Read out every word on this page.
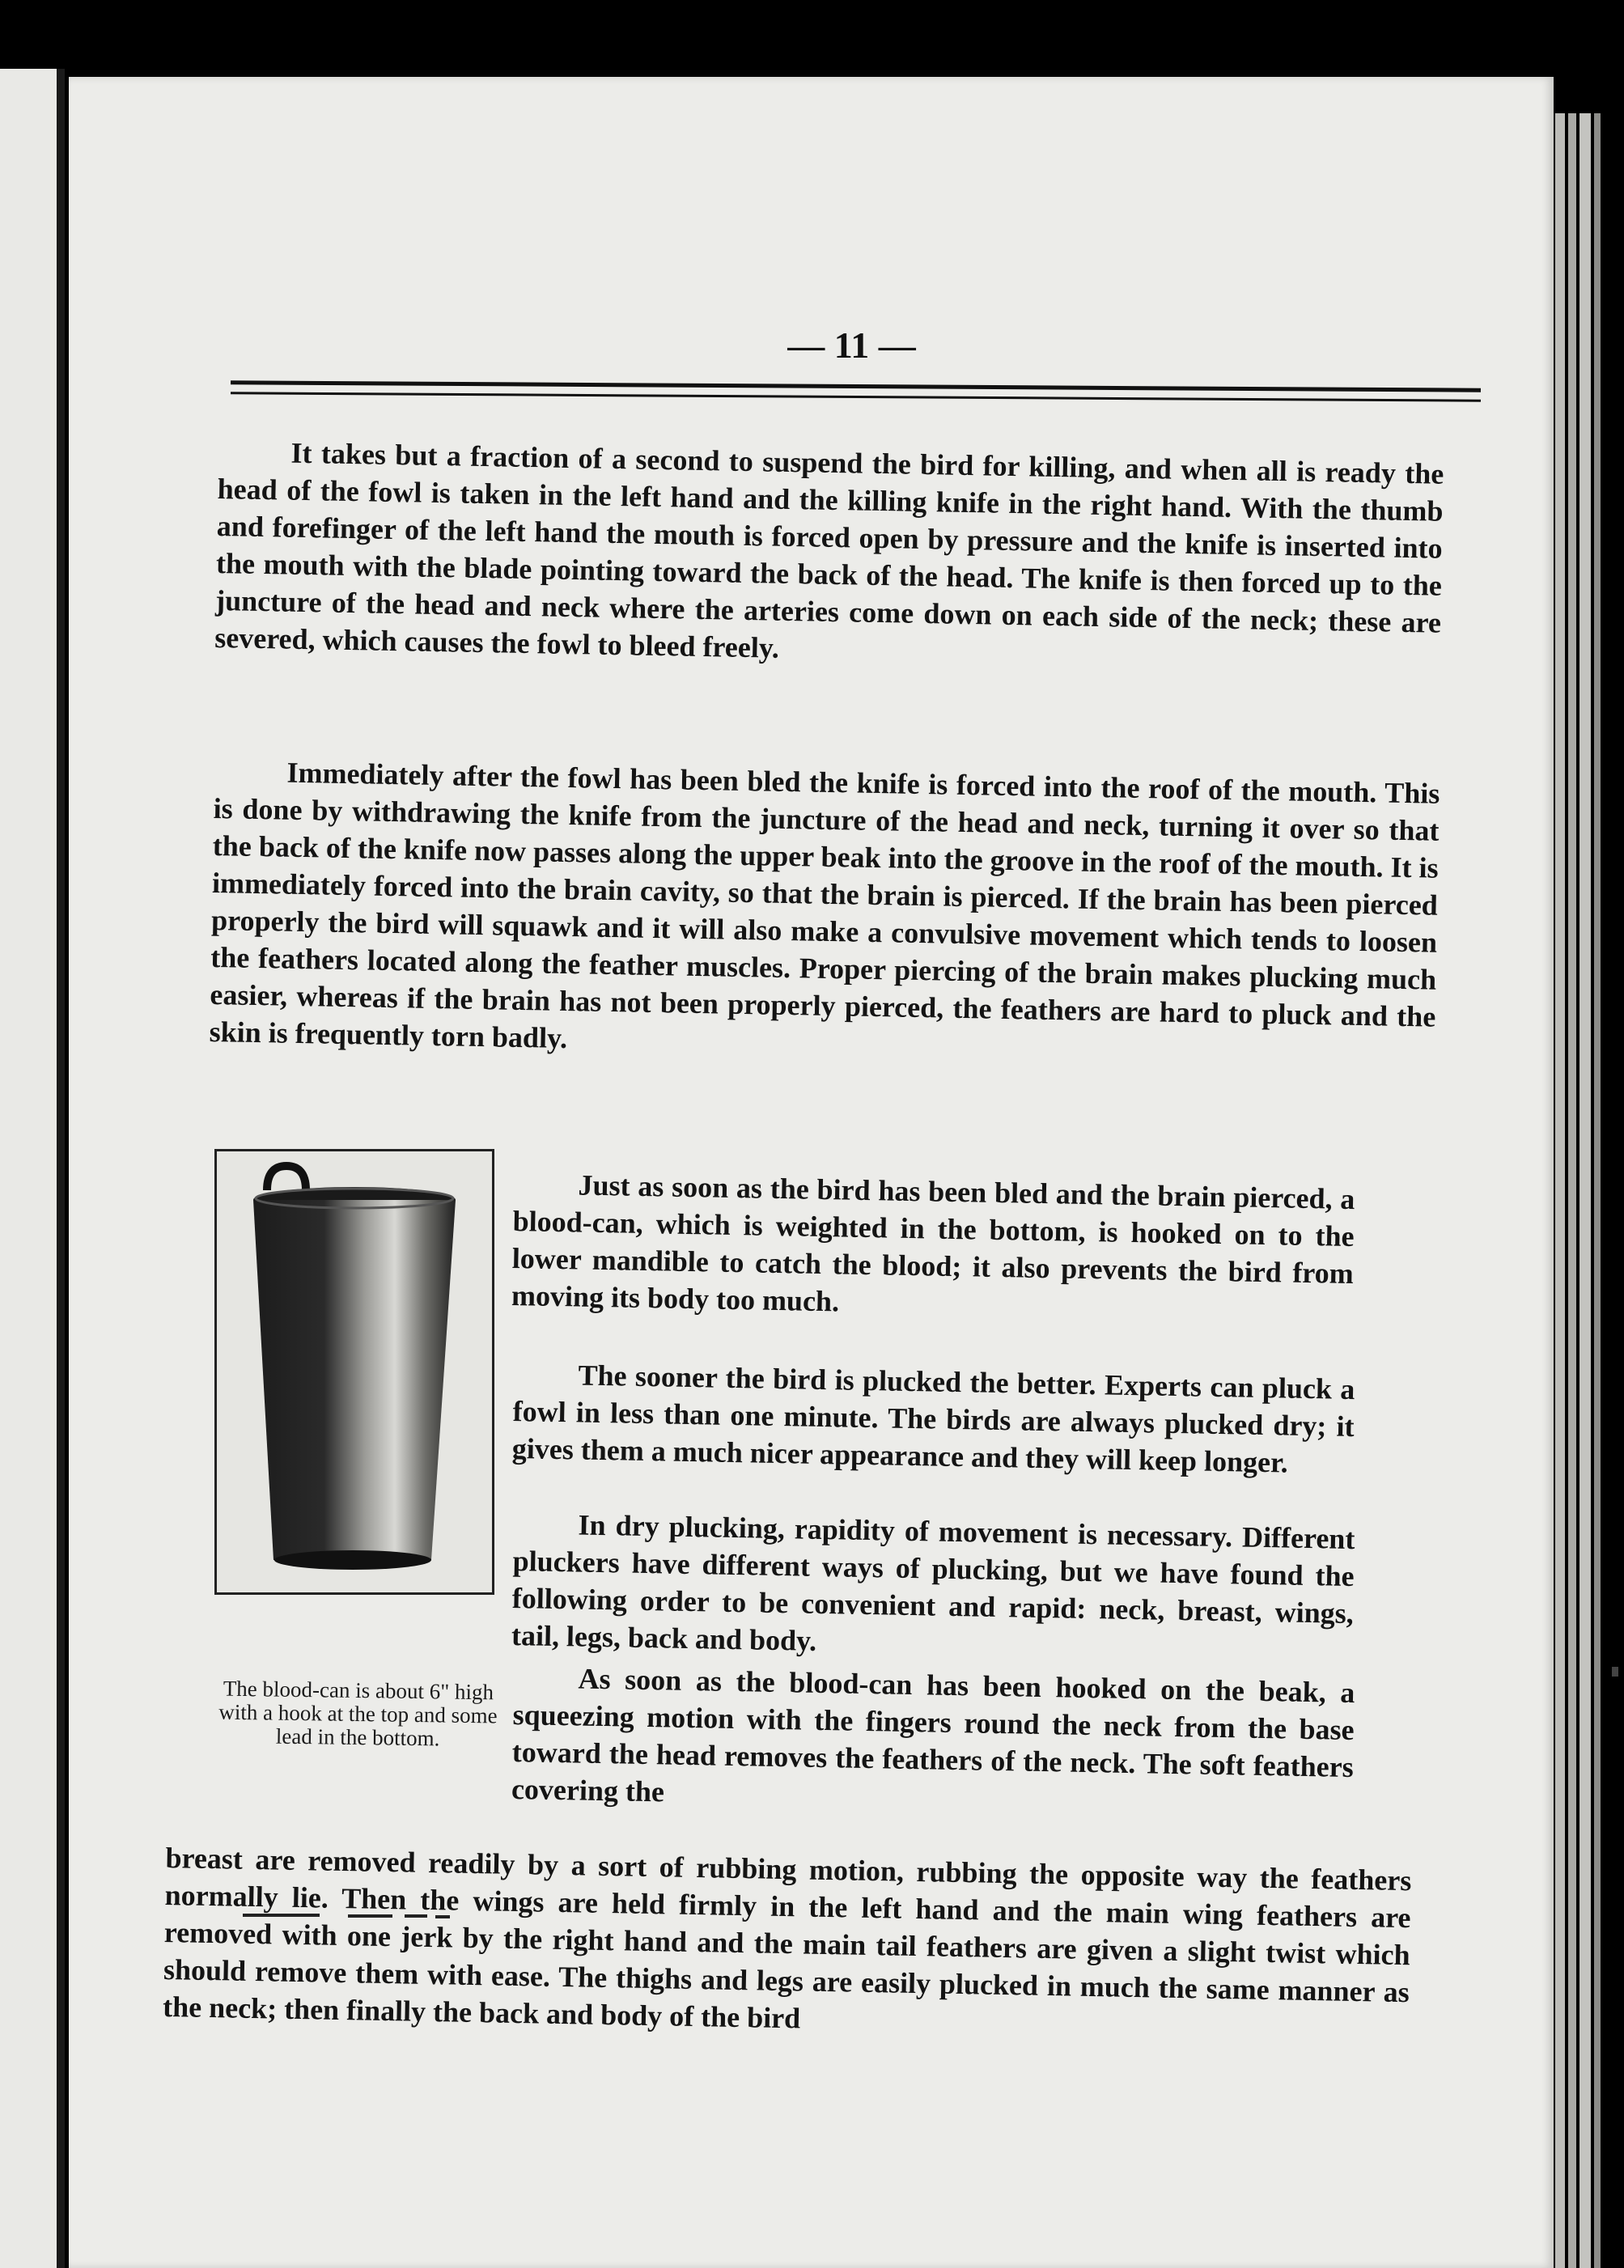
— 11 —
It takes but a fraction of a second to suspend the bird for killing, and when all is ready the head of the fowl is taken in the left hand and the killing knife in the right hand. With the thumb and forefinger of the left hand the mouth is forced open by pressure and the knife is inserted into the mouth with the blade pointing toward the back of the head. The knife is then forced up to the juncture of the head and neck where the arteries come down on each side of the neck; these are severed, which causes the fowl to bleed freely.
Immediately after the fowl has been bled the knife is forced into the roof of the mouth. This is done by withdrawing the knife from the juncture of the head and neck, turning it over so that the back of the knife now passes along the upper beak into the groove in the roof of the mouth. It is immediately forced into the brain cavity, so that the brain is pierced. If the brain has been pierced properly the bird will squawk and it will also make a convulsive movement which tends to loosen the feathers located along the feather muscles. Proper piercing of the brain makes plucking much easier, whereas if the brain has not been properly pierced, the feathers are hard to pluck and the skin is frequently torn badly.
The blood-can is about 6" high with a hook at the top and some lead in the bottom.
Just as soon as the bird has been bled and the brain pierced, a blood-can, which is weighted in the bottom, is hooked on to the lower mandible to catch the blood; it also prevents the bird from moving its body too much.
The sooner the bird is plucked the better. Experts can pluck a fowl in less than one minute. The birds are always plucked dry; it gives them a much nicer appearance and they will keep longer.
In dry plucking, rapidity of movement is necessary. Different pluckers have different ways of plucking, but we have found the following order to be convenient and rapid: neck, breast, wings, tail, legs, back and body.
As soon as the blood-can has been hooked on the beak, a squeezing motion with the fingers round the neck from the base toward the head removes the feathers of the neck. The soft feathers covering the
breast are removed readily by a sort of rubbing motion, rubbing the opposite way the feathers normally lie. Then the wings are held firmly in the left hand and the main wing feathers are removed with one jerk by the right hand and the main tail feathers are given a slight twist which should remove them with ease. The thighs and legs are easily plucked in much the same manner as the neck; then finally the back and body of the bird
